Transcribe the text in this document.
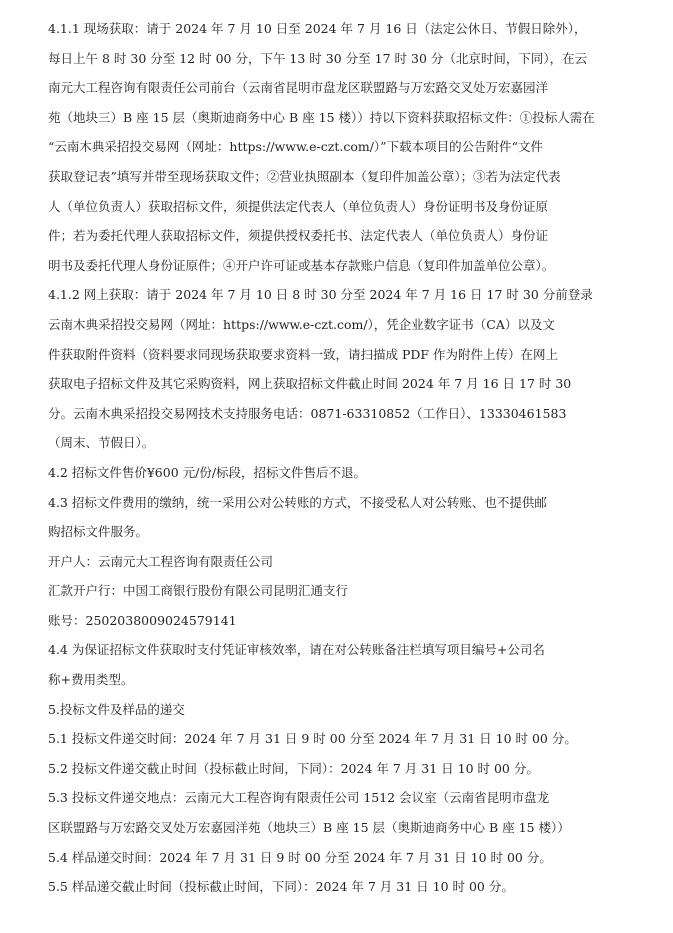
4.1.1 现场获取：请于 2024 年 7 月 10 日至 2024 年 7 月 16 日（法定公休日、节假日除外），
每日上午 8 时 30 分至 12 时 00 分，下午 13 时 30 分至 17 时 30 分（北京时间，下同），在云
南元大工程咨询有限责任公司前台（云南省昆明市盘龙区联盟路与万宏路交叉处万宏嘉园洋
苑（地块三）B 座 15 层（奥斯迪商务中心 B 座 15 楼））持以下资料获取招标文件：①投标人需在
“云南木典采招投交易网（网址：https://www.e-czt.com/）”下载本项目的公告附件“文件
获取登记表”填写并带至现场获取文件；②营业执照副本（复印件加盖公章）；③若为法定代表
人（单位负责人）获取招标文件，须提供法定代表人（单位负责人）身份证明书及身份证原
件；若为委托代理人获取招标文件，须提供授权委托书、法定代表人（单位负责人）身份证
明书及委托代理人身份证原件；④开户许可证或基本存款账户信息（复印件加盖单位公章）。
4.1.2 网上获取：请于 2024 年 7 月 10 日 8 时 30 分至 2024 年 7 月 16 日 17 时 30 分前登录
云南木典采招投交易网（网址：https://www.e-czt.com/），凭企业数字证书（CA）以及文
件获取附件资料（资料要求同现场获取要求资料一致，请扫描成 PDF 作为附件上传）在网上
获取电子招标文件及其它采购资料，网上获取招标文件截止时间 2024 年 7 月 16 日 17 时 30
分。云南木典采招投交易网技术支持服务电话：0871-63310852（工作日）、13330461583
（周末、节假日）。
4.2 招标文件售价¥600 元/份/标段，招标文件售后不退。
4.3 招标文件费用的缴纳，统一采用公对公转账的方式，不接受私人对公转账、也不提供邮
购招标文件服务。
开户人：云南元大工程咨询有限责任公司
汇款开户行：中国工商银行股份有限公司昆明汇通支行
账号：2502038009024579141
4.4 为保证招标文件获取时支付凭证审核效率，请在对公转账备注栏填写项目编号+公司名
称+费用类型。
5.投标文件及样品的递交
5.1 投标文件递交时间：2024 年 7 月 31 日 9 时 00 分至 2024 年 7 月 31 日 10 时 00 分。
5.2 投标文件递交截止时间（投标截止时间，下同）：2024 年 7 月 31 日 10 时 00 分。
5.3 投标文件递交地点：云南元大工程咨询有限责任公司 1512 会议室（云南省昆明市盘龙
区联盟路与万宏路交叉处万宏嘉园洋苑（地块三）B 座 15 层（奥斯迪商务中心 B 座 15 楼））
5.4 样品递交时间：2024 年 7 月 31 日 9 时 00 分至 2024 年 7 月 31 日 10 时 00 分。
5.5 样品递交截止时间（投标截止时间，下同）：2024 年 7 月 31 日 10 时 00 分。
